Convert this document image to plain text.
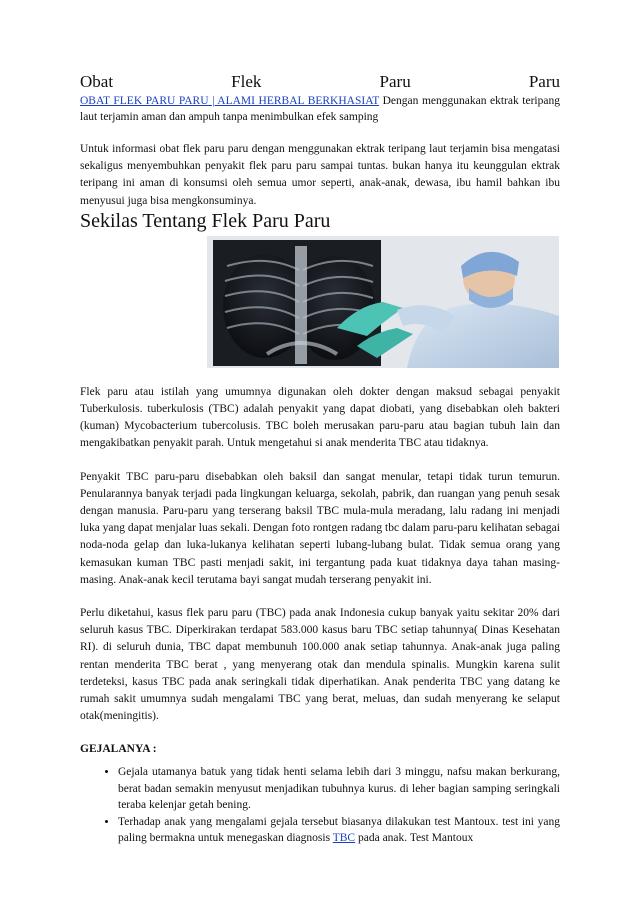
Obat	Flek	Paru	Paru
OBAT FLEK PARU PARU | ALAMI HERBAL BERKHASIAT Dengan menggunakan ektrak teripang laut terjamin aman dan ampuh tanpa menimbulkan efek samping

Untuk informasi obat flek paru paru dengan menggunakan ektrak teripang laut terjamin bisa mengatasi sekaligus menyembuhkan penyakit flek paru paru sampai tuntas. bukan hanya itu keunggulan ektrak teripang ini aman di konsumsi oleh semua umor seperti, anak-anak, dewasa, ibu hamil bahkan ibu menyusui juga bisa mengkonsuminya.

Sekilas Tentang Flek Paru Paru

Flek paru atau istilah yang umumnya digunakan oleh dokter dengan maksud sebagai penyakit Tuberkulosis. tuberkulosis (TBC) adalah penyakit yang dapat diobati, yang disebabkan oleh bakteri (kuman) Mycobacterium tubercolusis. TBC boleh merusakan paru-paru atau bagian tubuh lain dan mengakibatkan penyakit parah. Untuk mengetahui si anak menderita TBC atau tidaknya.

Penyakit TBC paru-paru disebabkan oleh baksil dan sangat menular, tetapi tidak turun temurun. Penularannya banyak terjadi pada lingkungan keluarga, sekolah, pabrik, dan ruangan yang penuh sesak dengan manusia. Paru-paru yang terserang baksil TBC mula-mula meradang, lalu radang ini menjadi luka yang dapat menjalar luas sekali. Dengan foto rontgen radang tbc dalam paru-paru kelihatan sebagai noda-noda gelap dan luka-lukanya kelihatan seperti lubang-lubang bulat. Tidak semua orang yang kemasukan kuman TBC pasti menjadi sakit, ini tergantung pada kuat tidaknya daya tahan masing-masing. Anak-anak kecil terutama bayi sangat mudah terserang penyakit ini.

Perlu diketahui, kasus flek paru paru (TBC) pada anak Indonesia cukup banyak yaitu sekitar 20% dari seluruh kasus TBC. Diperkirakan terdapat 583.000 kasus baru TBC setiap tahunnya( Dinas Kesehatan RI). di seluruh dunia, TBC dapat membunuh 100.000 anak setiap tahunnya. Anak-anak juga paling rentan menderita TBC berat , yang menyerang otak dan mendula spinalis. Mungkin karena sulit terdeteksi, kasus TBC pada anak seringkali tidak diperhatikan. Anak penderita TBC yang datang ke rumah sakit umumnya sudah mengalami TBC yang berat, meluas, dan sudah menyerang ke selaput otak(meningitis).

GEJALANYA :
• Gejala utamanya batuk yang tidak henti selama lebih dari 3 minggu, nafsu makan berkurang, berat badan semakin menyusut menjadikan tubuhnya kurus. di leher bagian samping seringkali teraba kelenjar getah bening.
• Terhadap anak yang mengalami gejala tersebut biasanya dilakukan test Mantoux. test ini yang paling bermakna untuk menegaskan diagnosis TBC pada anak. Test Mantoux
